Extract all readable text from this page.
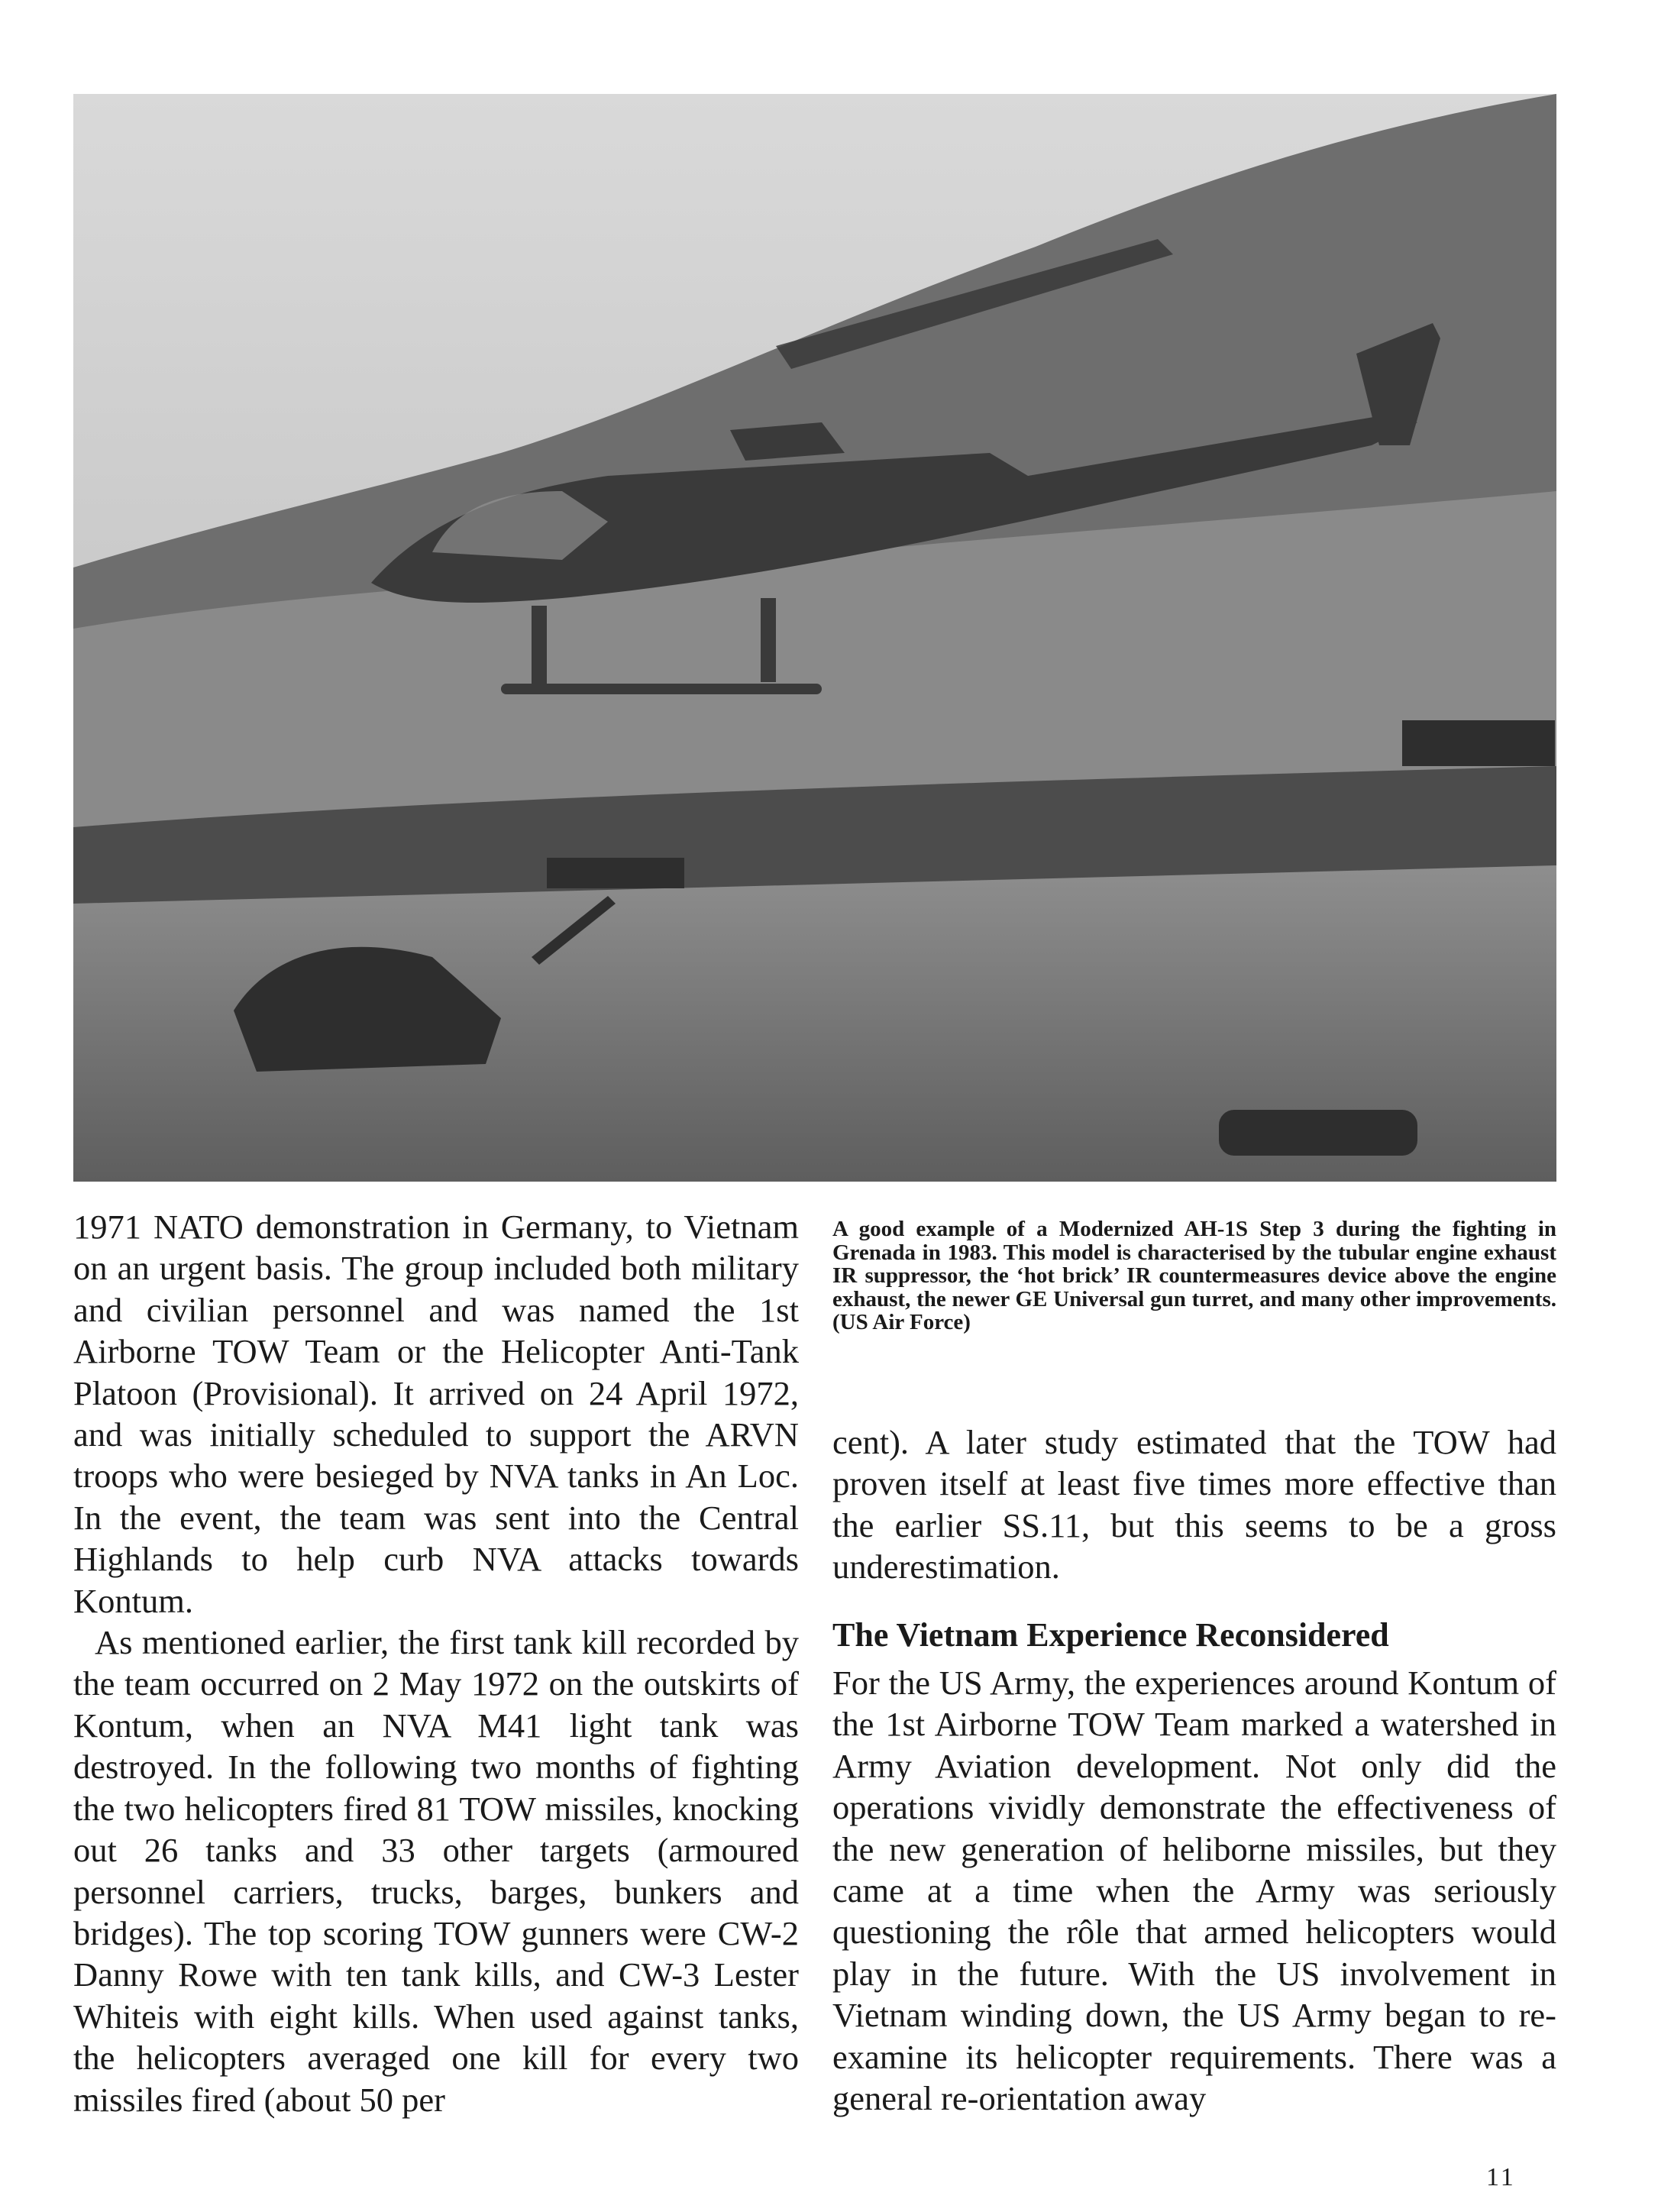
A good example of a Modernized AH-1S Step 3 during the fighting in Grenada in 1983. This model is characterised by the tubular engine exhaust IR suppressor, the ‘hot brick’ IR countermeasures device above the engine exhaust, the newer GE Universal gun turret, and many other improvements. (US Air Force)

1971 NATO demonstration in Germany, to Vietnam on an urgent basis. The group included both military and civilian personnel and was named the 1st Airborne TOW Team or the Helicopter Anti-Tank Platoon (Provisional). It arrived on 24 April 1972, and was initially scheduled to support the ARVN troops who were besieged by NVA tanks in An Loc. In the event, the team was sent into the Central Highlands to help curb NVA attacks towards Kontum.

As mentioned earlier, the first tank kill recorded by the team occurred on 2 May 1972 on the outskirts of Kontum, when an NVA M41 light tank was destroyed. In the following two months of fighting the two helicopters fired 81 TOW missiles, knocking out 26 tanks and 33 other targets (armoured personnel carriers, trucks, barges, bunkers and bridges). The top scoring TOW gunners were CW-2 Danny Rowe with ten tank kills, and CW-3 Lester Whiteis with eight kills. When used against tanks, the helicopters averaged one kill for every two missiles fired (about 50 per

cent). A later study estimated that the TOW had proven itself at least five times more effective than the earlier SS.11, but this seems to be a gross underestimation.

The Vietnam Experience Reconsidered

For the US Army, the experiences around Kontum of the 1st Airborne TOW Team marked a watershed in Army Aviation development. Not only did the operations vividly demonstrate the effectiveness of the new generation of heliborne missiles, but they came at a time when the Army was seriously questioning the rôle that armed helicopters would play in the future. With the US involvement in Vietnam winding down, the US Army began to re-examine its helicopter requirements. There was a general re-orientation away

11
